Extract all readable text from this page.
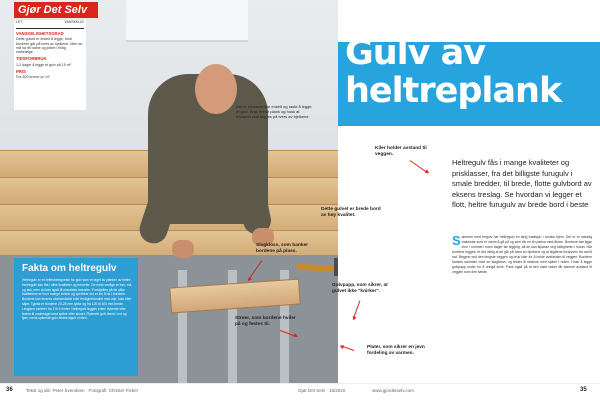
Gjør Det Selv
LET	VANSKELIG
VANSKELIGHETSGRAD
Dette gulvet er enkelt å legge, fordi bordene går på tvers av bjelkene. Men du må ha litt rutine og jobbe i riktig rekkefølge.
TIDSFORBRUK
1-2 dager å legge et gulv på 15 m²
PRIS
Fra 300 kroner pr. m²
Det er forbausende enkelt og raskt å legge et gulv. Bruk brede plank og husk at bordene skal legges på tvers av bjelkene.
Kiler holder avstand til veggen.
Dette gulvet er brede bord av høy kvalitet.
Slagkloss, som banker bordene på plass.
Gulvpapp, som sikrer, at gulvet ikke "knirker".
Strøer, som bordene hviler på og festes til.
Plater, som sikrer en jevn fordeling av varmen.
Fakta om heltregulv
Heltregulv er en fellesbetegnelse for gulv som er laget av planker av heltre. Heltregulv kan fås i ulike kvaliteter og tresorter. De mest vanlige er furu, eik og ask, men du kan også få eksotiske tresorter. Forskjellen på de ulike kvalitetene er hvor mange kvister og sprekker det er lov å ha i bordene. Bordene kan leveres ubehandlede eller ferdigbehandlet med olje, lakk eller såpe. Typisk er bordene 20-28 mm tykke og fra 120 til 400 mm brede. Lengden varierer fra 2 til 6 meter. Heltregulv legges enten flytende eller festes til underlaget med spiker eller skruer. Flytende gulv limes i not og fjær, mens spikrede gulv festes skjult i noten.
Gulv av
heltreplank
Heltregulv fås i mange kvaliteter og prisklasser, fra det billigste furugulv i smale bredder, til brede, flotte gulvbord av eksens treslag. Se hvordan vi legger et flott, heltre furugulv av brede bord i beste
Sammen med tregulv har heltregulv en lang tradisjon i norske hjem. Det er et naturlig materiale som er varmt å gå på og som får en fin patina med årene. Bordene bør ligge inne i rommet i noen dager før legging, så de kan tilpasse seg fuktigheten i huset. Når bordene legges, er det viktig at de går på tvers av bjelkene og at skjøtene forskyves fra rad til rad. Begynn ved den lengste veggen og bruk kiler for å holde avstanden til veggen. Bordene bankes sammen med en slagkloss, og festes til strøene med spiker i noten. Husk å legge gulvpapp under for å unngå knirk. Pass også på at den siste raden får samme avstand til veggen som den første.
36	Tekst og idé: Peter Svendsen · Fotografi: Christer Fisher	Gjør Det Selv · 16/2020	www.gjordetselv.com	35
